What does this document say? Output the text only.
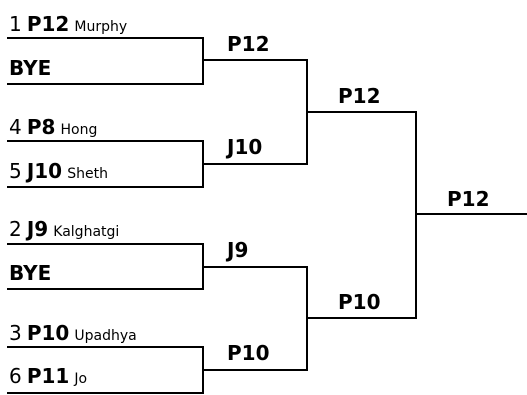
1 P12 Murphy
BYE
4 P8 Hong
5 J10 Sheth
2 J9 Kalghatgi
BYE
3 P10 Upadhya
6 P11 Jo
P12
J10
J9
P10
P12
P10
P12
